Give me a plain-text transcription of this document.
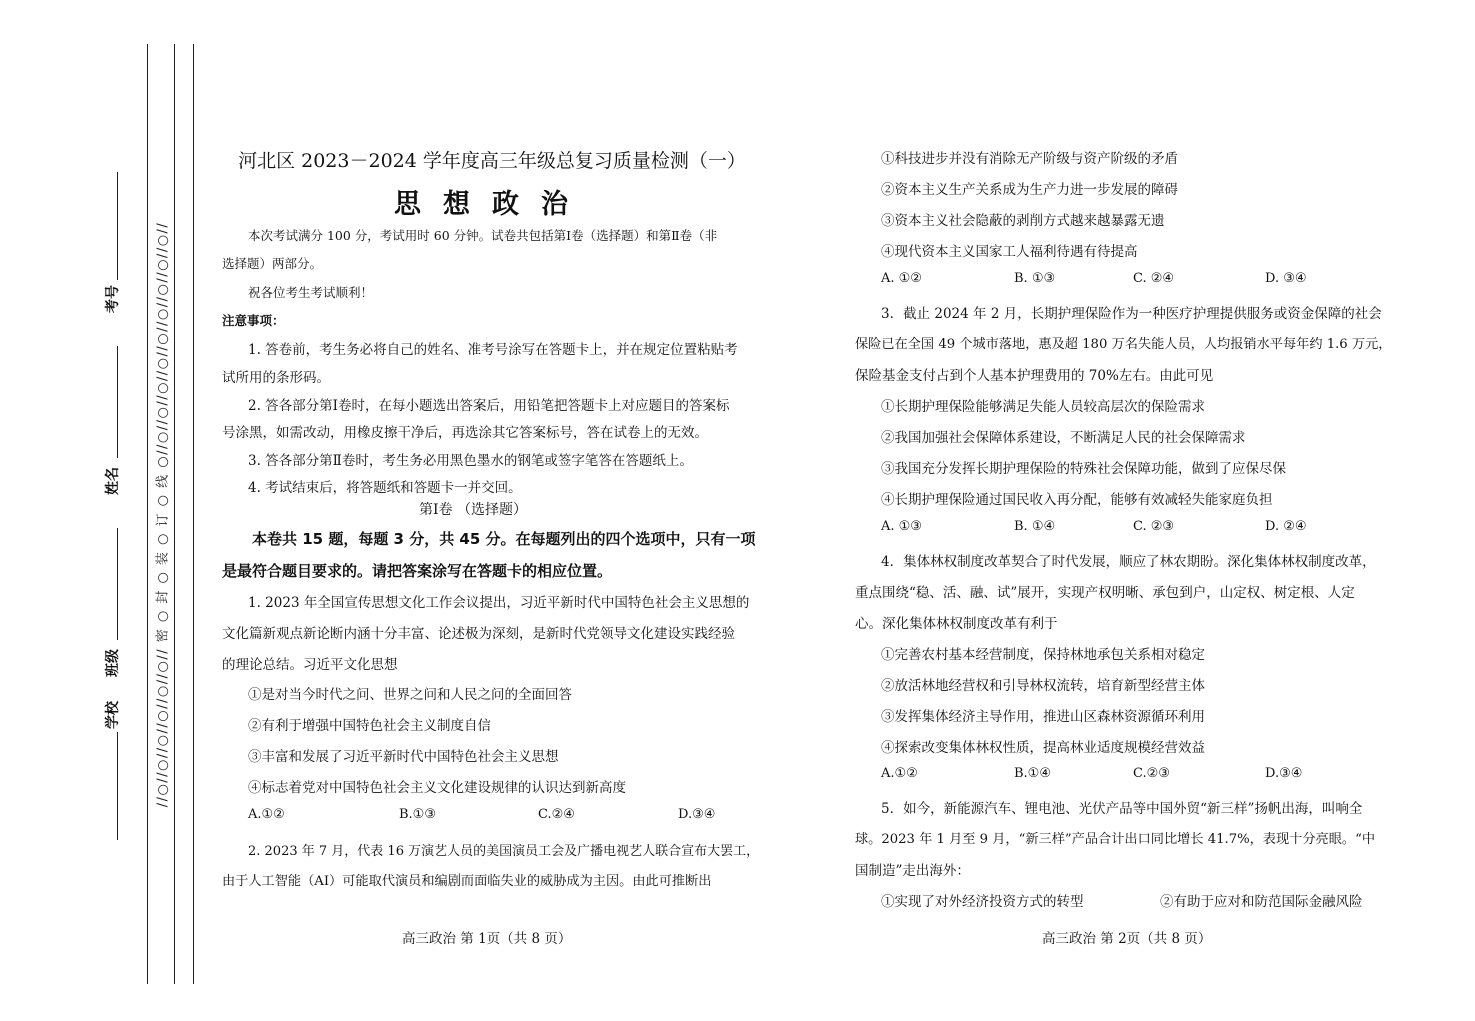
//○//○//○//○//○//○// 密 ○ 封 ○ 装 ○ 订 ○ 线 ○//○//○//○//○//○//○//○//○//○//
考号
姓名
班级
学校
河北区 2023－2024 学年度高三年级总复习质量检测（一）
思想政治
本次考试满分 100 分，考试用时 60 分钟。试卷共包括第Ⅰ卷（选择题）和第Ⅱ卷（非
选择题）两部分。
祝各位考生考试顺利！
注意事项：
1. 答卷前，考生务必将自己的姓名、准考号涂写在答题卡上，并在规定位置粘贴考
试所用的条形码。
2. 答各部分第Ⅰ卷时，在每小题选出答案后，用铅笔把答题卡上对应题目的答案标
号涂黑，如需改动，用橡皮擦干净后，再选涂其它答案标号，答在试卷上的无效。
3. 答各部分第Ⅱ卷时，考生务必用黑色墨水的钢笔或签字笔答在答题纸上。
4. 考试结束后，将答题纸和答题卡一并交回。
第Ⅰ卷 （选择题）
本卷共 15 题，每题 3 分，共 45 分。在每题列出的四个选项中，只有一项
是最符合题目要求的。请把答案涂写在答题卡的相应位置。
1. 2023 年全国宣传思想文化工作会议提出，习近平新时代中国特色社会主义思想的
文化篇新观点新论断内涵十分丰富、论述极为深刻，是新时代党领导文化建设实践经验
的理论总结。习近平文化思想
①是对当今时代之问、世界之问和人民之问的全面回答
②有利于增强中国特色社会主义制度自信
③丰富和发展了习近平新时代中国特色社会主义思想
④标志着党对中国特色社会主义文化建设规律的认识达到新高度
A.①②	B.①③	C.②④	D.③④
2. 2023 年 7 月，代表 16 万演艺人员的美国演员工会及广播电视艺人联合宣布大罢工，
由于人工智能（AI）可能取代演员和编剧而面临失业的威胁成为主因。由此可推断出
高三政治 第 1页（共 8 页）
①科技进步并没有消除无产阶级与资产阶级的矛盾
②资本主义生产关系成为生产力进一步发展的障碍
③资本主义社会隐蔽的剥削方式越来越暴露无遗
④现代资本主义国家工人福利待遇有待提高
A. ①②	B. ①③	C. ②④	D. ③④
3．截止 2024 年 2 月，长期护理保险作为一种医疗护理提供服务或资金保障的社会
保险已在全国 49 个城市落地，惠及超 180 万名失能人员，人均报销水平每年约 1.6 万元，
保险基金支付占到个人基本护理费用的 70%左右。由此可见
①长期护理保险能够满足失能人员较高层次的保险需求
②我国加强社会保障体系建设，不断满足人民的社会保障需求
③我国充分发挥长期护理保险的特殊社会保障功能，做到了应保尽保
④长期护理保险通过国民收入再分配，能够有效减轻失能家庭负担
A. ①③	B. ①④	C. ②③	D. ②④
4．集体林权制度改革契合了时代发展，顺应了林农期盼。深化集体林权制度改革，
重点围绕“稳、活、融、试”展开，实现产权明晰、承包到户，山定权、树定根、人定
心。深化集体林权制度改革有利于
①完善农村基本经营制度，保持林地承包关系相对稳定
②放活林地经营权和引导林权流转，培育新型经营主体
③发挥集体经济主导作用，推进山区森林资源循环利用
④探索改变集体林权性质，提高林业适度规模经营效益
A.①②	B.①④	C.②③	D.③④
5．如今，新能源汽车、锂电池、光伏产品等中国外贸“新三样”扬帆出海，叫响全
球。2023 年 1 月至 9 月，“新三样”产品合计出口同比增长 41.7%，表现十分亮眼。“中
国制造”走出海外：
①实现了对外经济投资方式的转型	②有助于应对和防范国际金融风险
高三政治 第 2页（共 8 页）
